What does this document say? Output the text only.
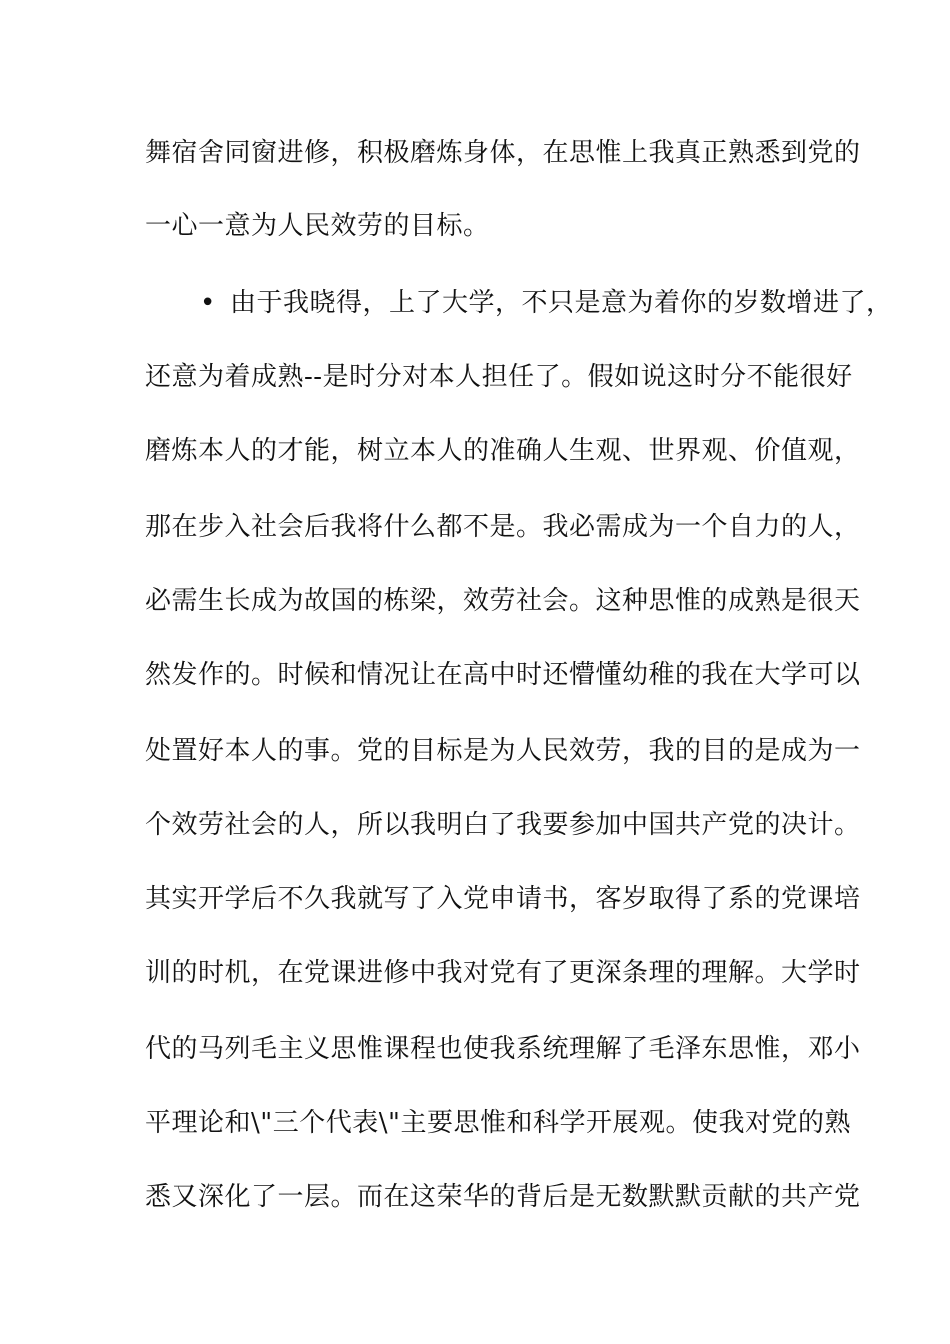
舞宿舍同窗进修，积极磨炼身体，在思惟上我真正熟悉到党的
一心一意为人民效劳的目标。
• 由于我晓得，上了大学，不只是意为着你的岁数增进了，
还意为着成熟--是时分对本人担任了。假如说这时分不能很好
磨炼本人的才能，树立本人的准确人生观、世界观、价值观，
那在步入社会后我将什么都不是。我必需成为一个自力的人，
必需生长成为故国的栋梁，效劳社会。这种思惟的成熟是很天
然发作的。时候和情况让在高中时还懵懂幼稚的我在大学可以
处置好本人的事。党的目标是为人民效劳，我的目的是成为一
个效劳社会的人，所以我明白了我要参加中国共产党的决计。
其实开学后不久我就写了入党申请书，客岁取得了系的党课培
训的时机，在党课进修中我对党有了更深条理的理解。大学时
代的马列毛主义思惟课程也使我系统理解了毛泽东思惟，邓小
平理论和\"三个代表\"主要思惟和科学开展观。使我对党的熟
悉又深化了一层。而在这荣华的背后是无数默默贡献的共产党
